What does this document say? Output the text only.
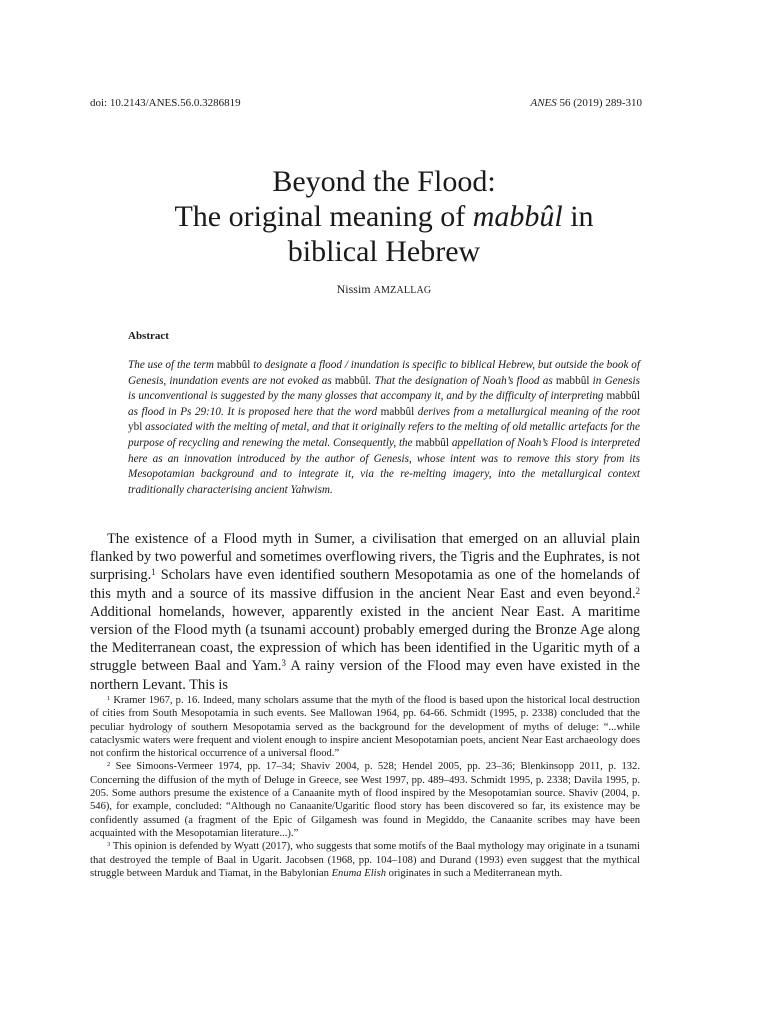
doi: 10.2143/ANES.56.0.3286819	ANES 56 (2019) 289-310
Beyond the Flood:
The original meaning of mabbûl in
biblical Hebrew
Nissim AMZALLAG
Abstract

The use of the term mabbûl to designate a flood / inundation is specific to biblical Hebrew, but outside the book of Genesis, inundation events are not evoked as mabbûl. That the designation of Noah’s flood as mabbûl in Genesis is unconventional is suggested by the many glosses that accompany it, and by the difficulty of interpreting mabbûl as flood in Ps 29:10. It is proposed here that the word mabbûl derives from a metallurgical meaning of the root ybl associated with the melting of metal, and that it originally refers to the melting of old metallic artefacts for the purpose of recycling and renewing the metal. Consequently, the mabbûl appellation of Noah’s Flood is interpreted here as an innovation introduced by the author of Genesis, whose intent was to remove this story from its Mesopotamian background and to integrate it, via the re-melting imagery, into the metallurgical context traditionally characterising ancient Yahwism.

The existence of a Flood myth in Sumer, a civilisation that emerged on an alluvial plain flanked by two powerful and sometimes overflowing rivers, the Tigris and the Euphrates, is not surprising.$^1$ Scholars have even identified southern Mesopotamia as one of the homelands of this myth and a source of its massive diffusion in the ancient Near East and even beyond.$^2$ Additional homelands, however, apparently existed in the ancient Near East. A maritime version of the Flood myth (a tsunami account) probably emerged during the Bronze Age along the Mediterranean coast, the expression of which has been identified in the Ugaritic myth of a struggle between Baal and Yam.$^3$ A rainy version of the Flood may even have existed in the northern Levant. This is

$^1$ Kramer 1967, p. 16. Indeed, many scholars assume that the myth of the flood is based upon the historical local destruction of cities from South Mesopotamia in such events. See Mallowan 1964, pp. 64-66. Schmidt (1995, p. 2338) concluded that the peculiar hydrology of southern Mesopotamia served as the background for the development of myths of deluge: “...while cataclysmic waters were frequent and violent enough to inspire ancient Mesopotamian poets, ancient Near East archaeology does not confirm the historical occurrence of a universal flood.”

$^2$ See Simoons-Vermeer 1974, pp. 17–34; Shaviv 2004, p. 528; Hendel 2005, pp. 23–36; Blenkinsopp 2011, p. 132. Concerning the diffusion of the myth of Deluge in Greece, see West 1997, pp. 489–493. Schmidt 1995, p. 2338; Davila 1995, p. 205. Some authors presume the existence of a Canaanite myth of flood inspired by the Mesopotamian source. Shaviv (2004, p. 546), for example, concluded: “Although no Canaanite/Ugaritic flood story has been discovered so far, its existence may be confidently assumed (a fragment of the Epic of Gilgamesh was found in Megiddo, the Canaanite scribes may have been acquainted with the Mesopotamian literature...).”

$^3$ This opinion is defended by Wyatt (2017), who suggests that some motifs of the Baal mythology may originate in a tsunami that destroyed the temple of Baal in Ugarit. Jacobsen (1968, pp. 104–108) and Durand (1993) even suggest that the mythical struggle between Marduk and Tiamat, in the Babylonian Enuma Elish originates in such a Mediterranean myth.
